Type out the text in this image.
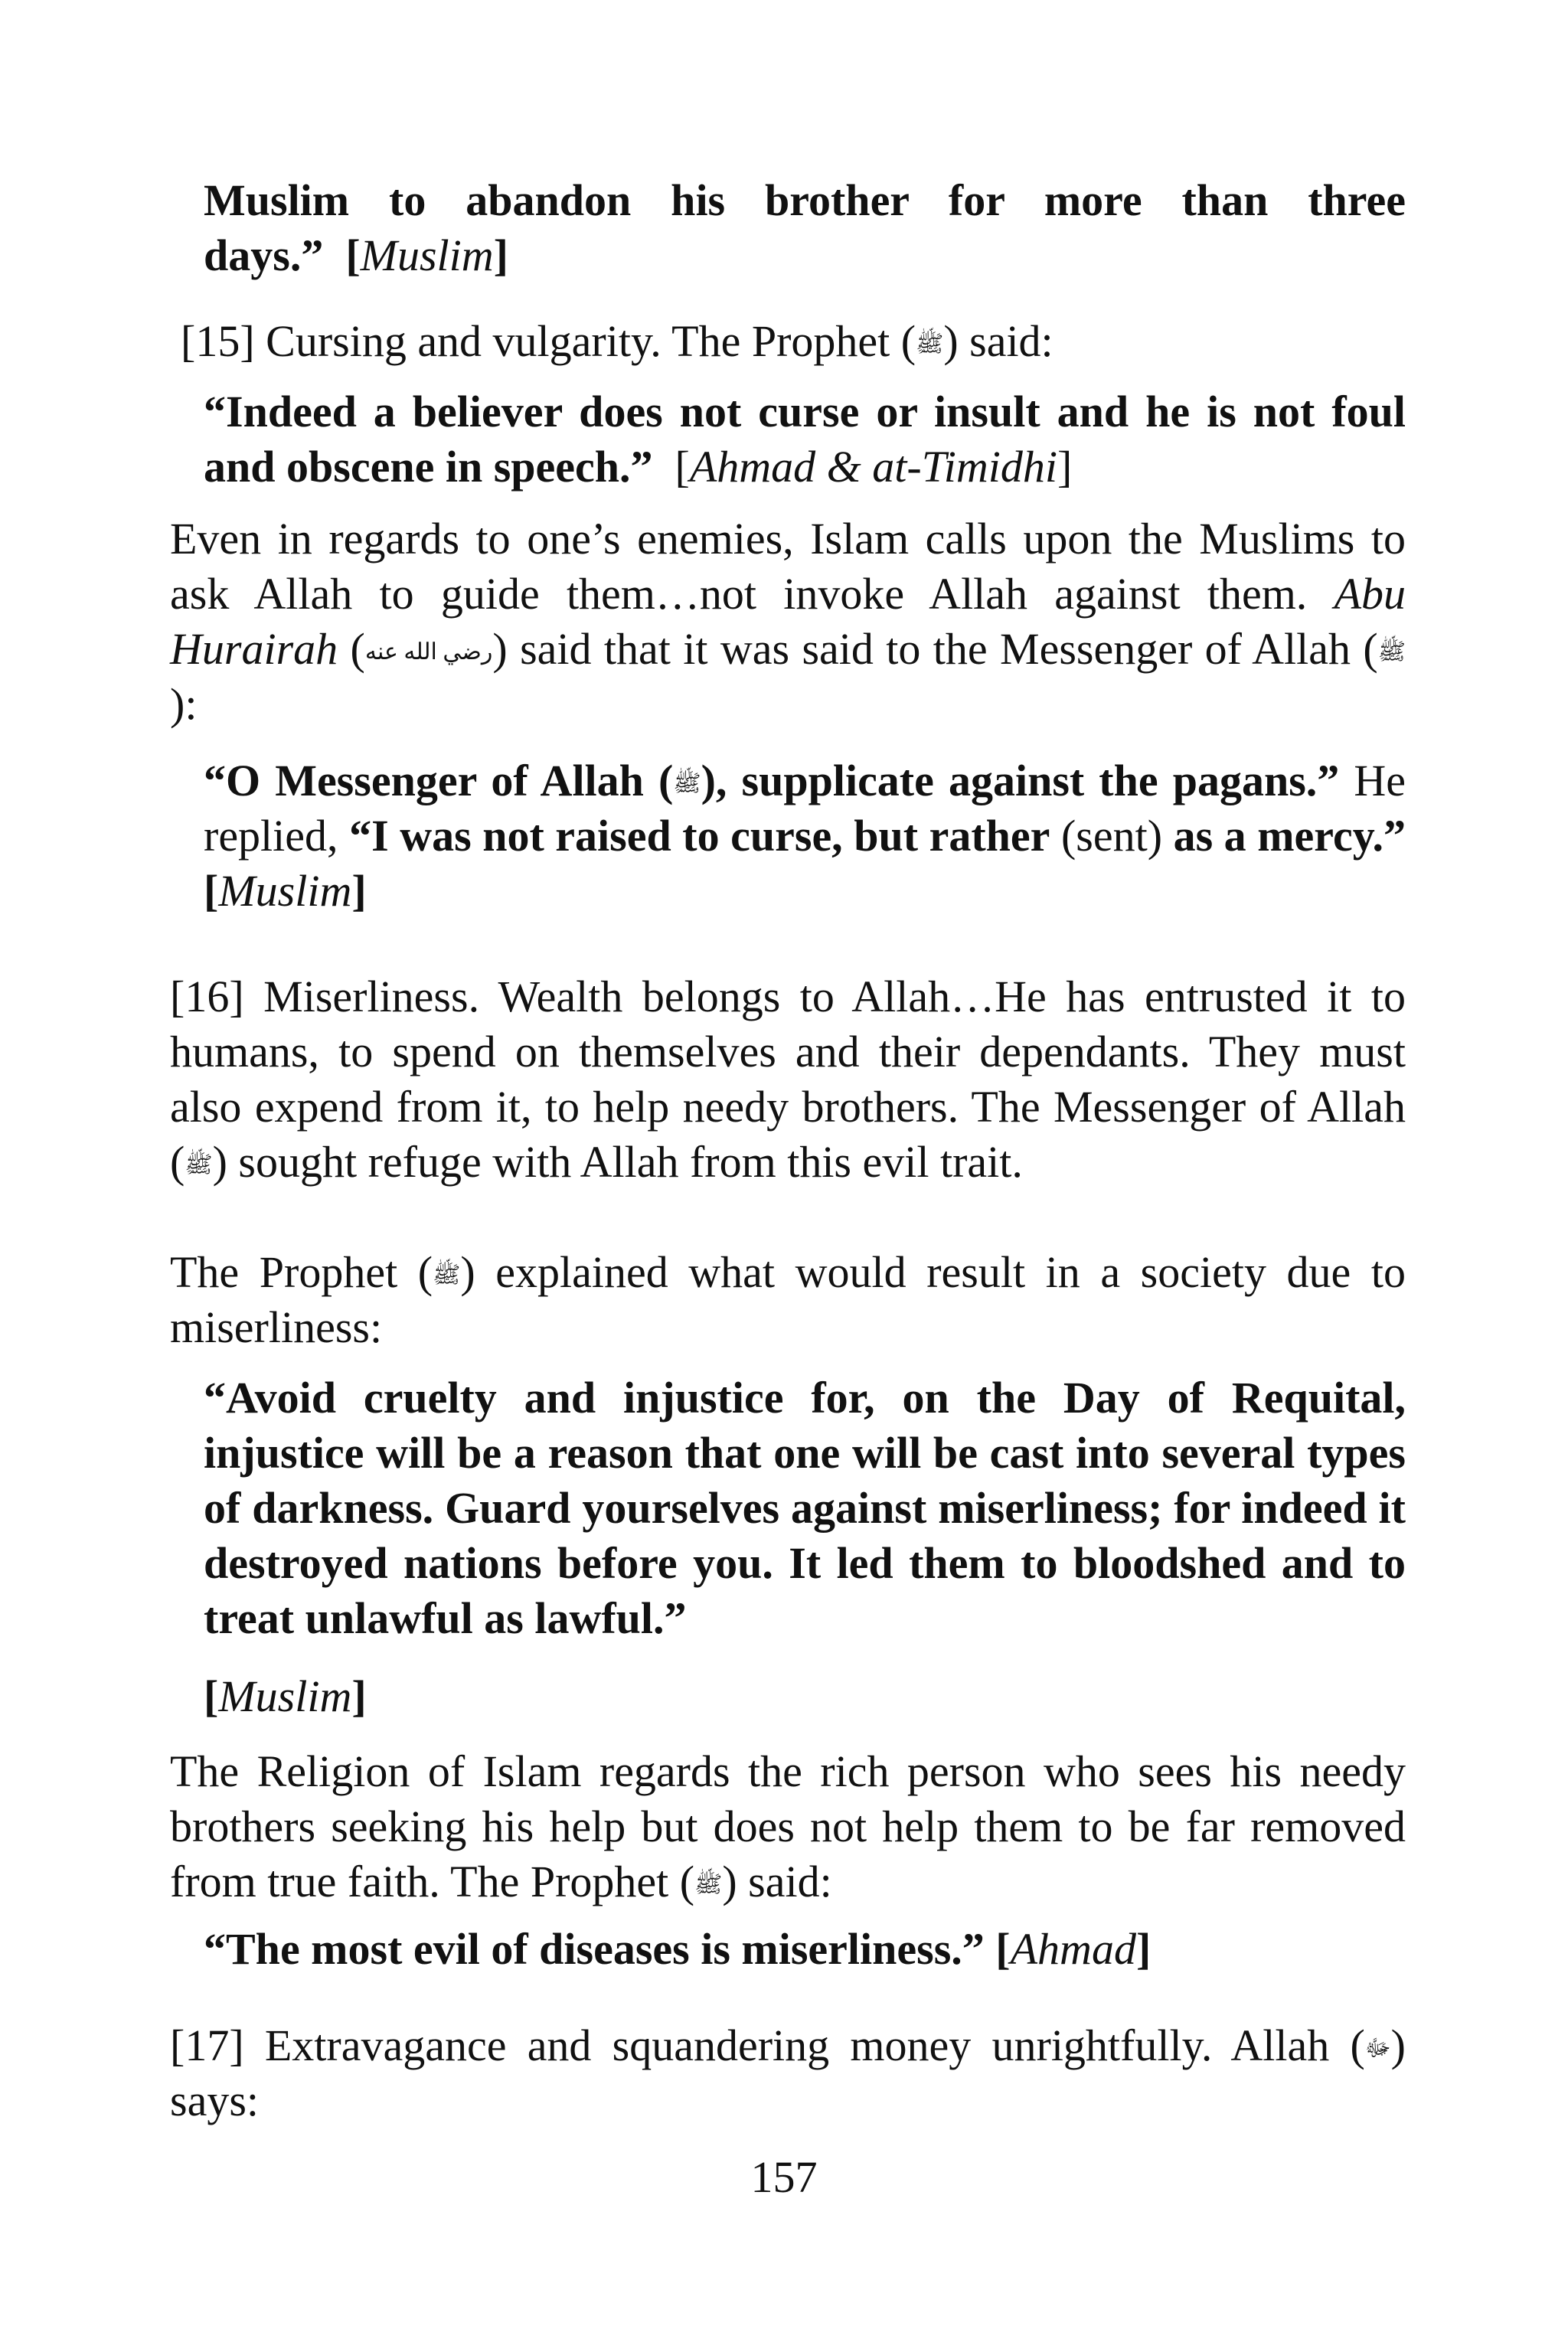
Muslim to abandon his brother for more than three days.”  [Muslim]

[15] Cursing and vulgarity. The Prophet (ﷺ) said:

“Indeed a believer does not curse or insult and he is not foul and obscene in speech.” [Ahmad & at-Timidhi]

Even in regards to one’s enemies, Islam calls upon the Muslims to ask Allah to guide them…not invoke Allah against them. Abu Hurairah (رضي الله عنه) said that it was said to the Messenger of Allah (ﷺ):

“O Messenger of Allah (ﷺ), supplicate against the pagans.” He replied, “I was not raised to curse, but rather (sent) as a mercy.” [Muslim]

[16] Miserliness. Wealth belongs to Allah…He has entrusted it to humans, to spend on themselves and their dependants. They must also expend from it, to help needy brothers. The Messenger of Allah (ﷺ) sought refuge with Allah from this evil trait.

The Prophet (ﷺ) explained what would result in a society due to miserliness:

“Avoid cruelty and injustice for, on the Day of Requital, injustice will be a reason that one will be cast into several types of darkness. Guard yourselves against miserliness; for indeed it destroyed nations before you. It led them to bloodshed and to treat unlawful as lawful.”

[Muslim]

The Religion of Islam regards the rich person who sees his needy brothers seeking his help but does not help them to be far removed from true faith. The Prophet (ﷺ) said:

“The most evil of diseases is miserliness.” [Ahmad]

[17] Extravagance and squandering money unrightfully. Allah (ﷻ) says:

157
